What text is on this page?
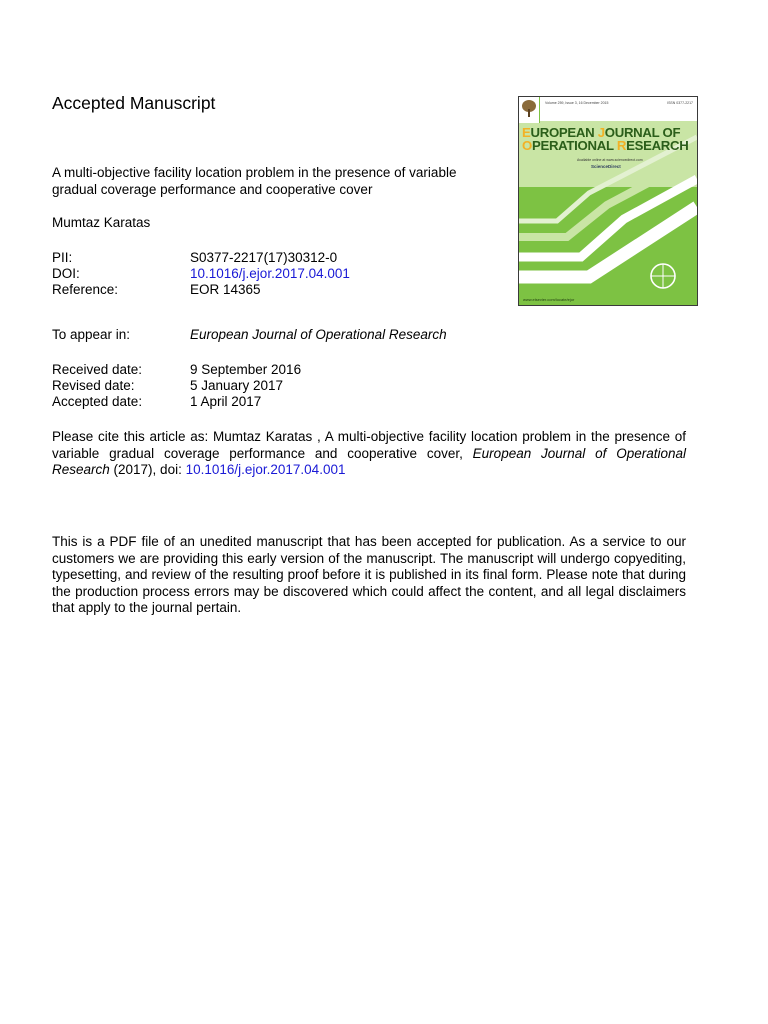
Accepted Manuscript
A multi-objective facility location problem in the presence of variable gradual coverage performance and cooperative cover
Mumtaz Karatas
PII:	S0377-2217(17)30312-0
DOI:	10.1016/j.ejor.2017.04.001
Reference:	EOR 14365
To appear in:	European Journal of Operational Research
Received date:	9 September 2016
Revised date:	5 January 2017
Accepted date:	1 April 2017

Please cite this article as: Mumtaz Karatas , A multi-objective facility location problem in the presence of variable gradual coverage performance and cooperative cover, European Journal of Operational Research (2017), doi: 10.1016/j.ejor.2017.04.001

This is a PDF file of an unedited manuscript that has been accepted for publication. As a service to our customers we are providing this early version of the manuscript. The manuscript will undergo copyediting, typesetting, and review of the resulting proof before it is published in its final form. Please note that during the production process errors may be discovered which could affect the content, and all legal disclaimers that apply to the journal pertain.

Volume 259, Issue 3, 16 December 2015	ISSN 0377-2217
EUROPEAN JOURNAL OF
OPERATIONAL RESEARCH
Available online at www.sciencedirect.com
ScienceDirect
www.elsevier.com/locate/ejor
